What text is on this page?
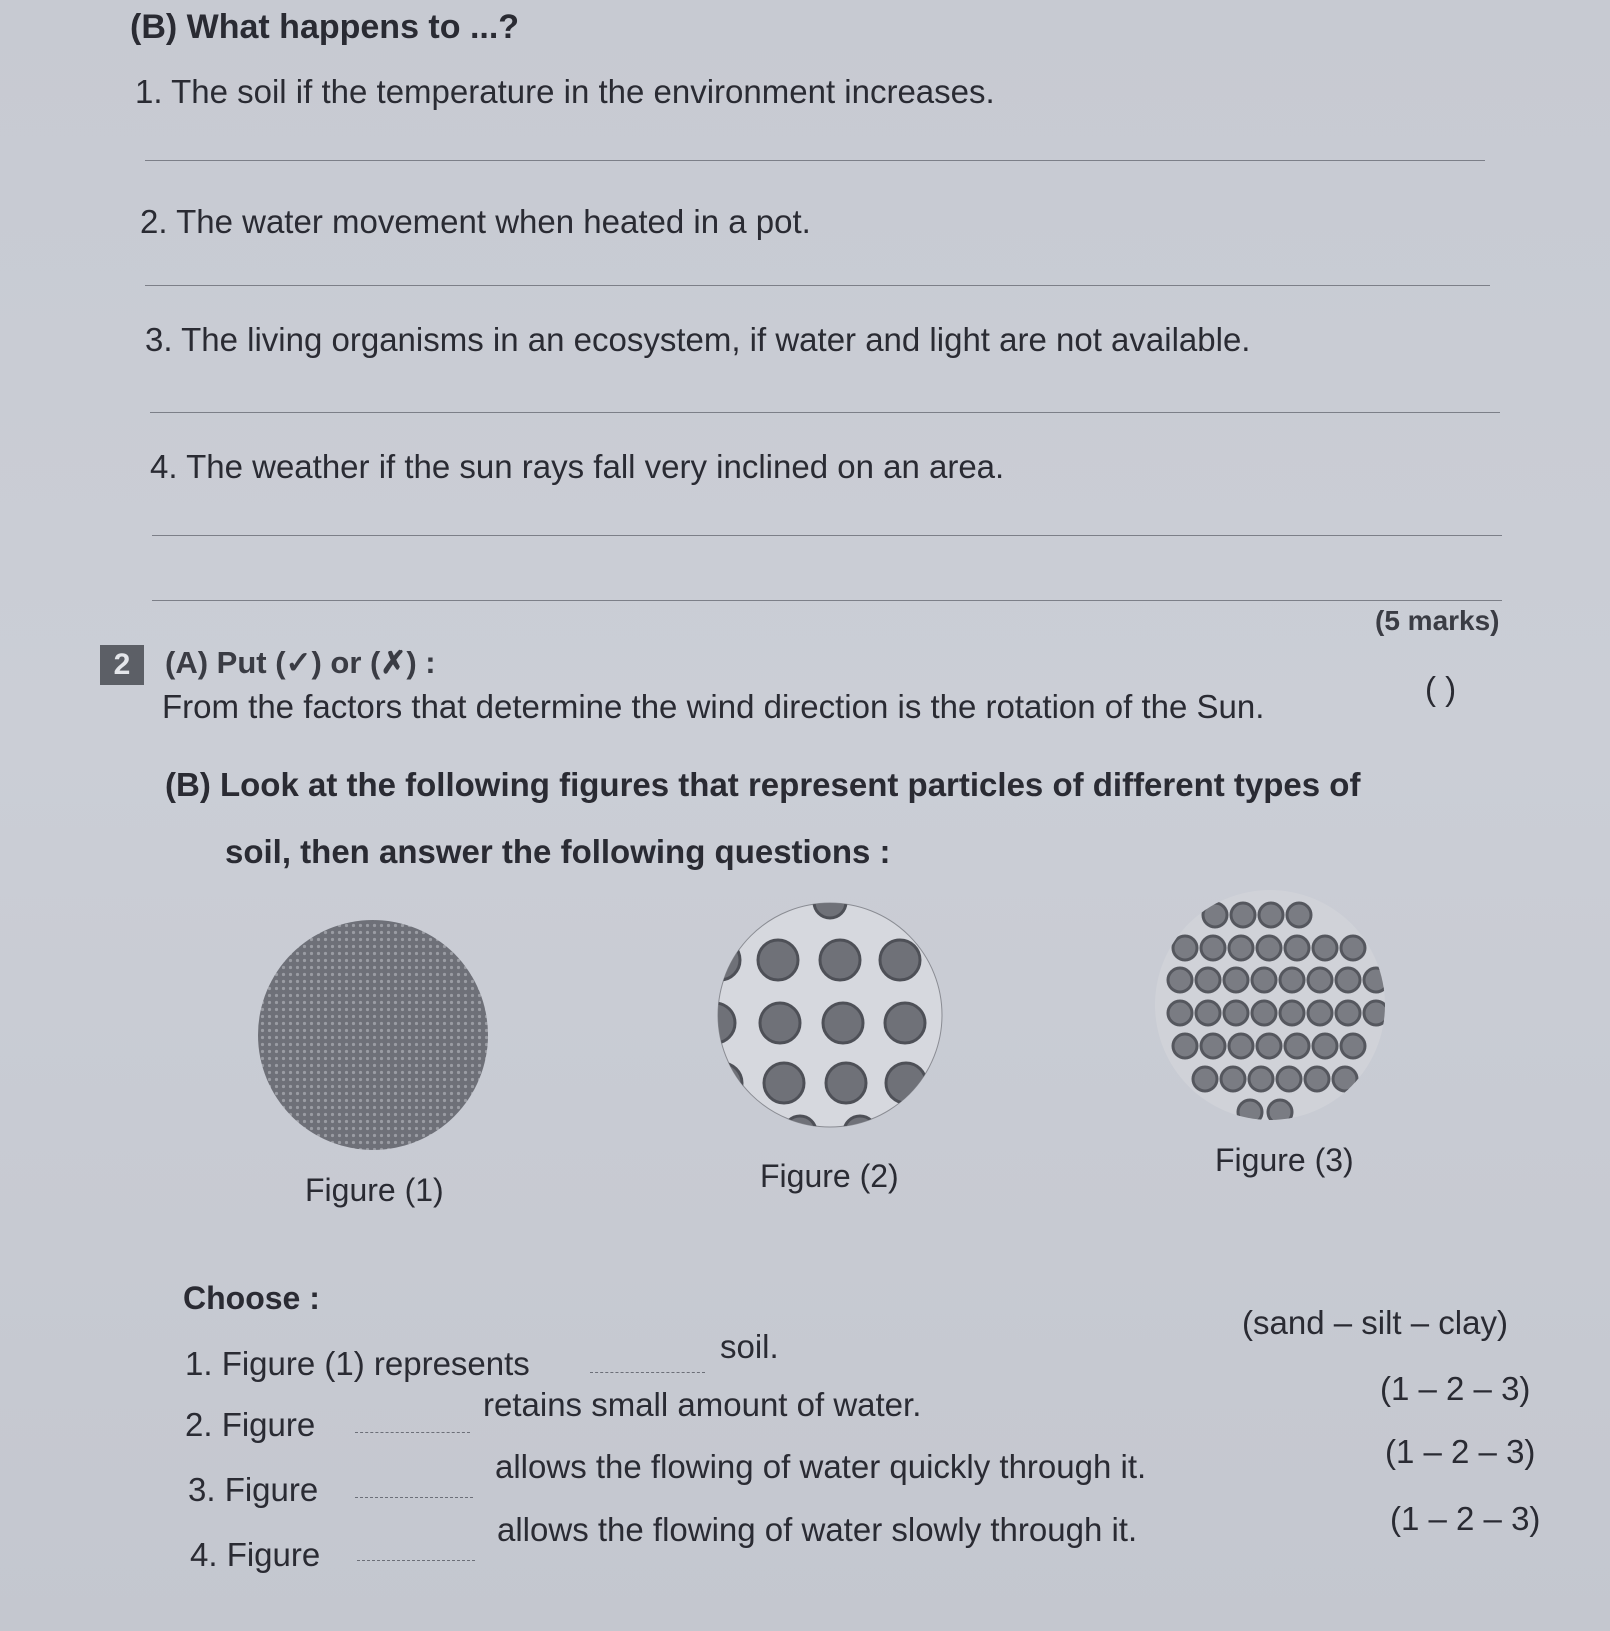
(B) What happens to ...?
1. The soil if the temperature in the environment increases.
2. The water movement when heated in a pot.
3. The living organisms in an ecosystem, if water and light are not available.
4. The weather if the sun rays fall very inclined on an area.
2	(A) Put (✓) or (✗) :
(5 marks)
From the factors that determine the wind direction is the rotation of the Sun.	( )
(B) Look at the following figures that represent particles of different types of
soil, then answer the following questions :
Figure (1)	Figure (2)	Figure (3)
Choose :
1. Figure (1) represents	soil.
(sand – silt – clay)
2. Figure
retains small amount of water.	(1 – 2 – 3)
3. Figure
allows the flowing of water quickly through it.	(1 – 2 – 3)
4. Figure
allows the flowing of water slowly through it.	(1 – 2 – 3)
